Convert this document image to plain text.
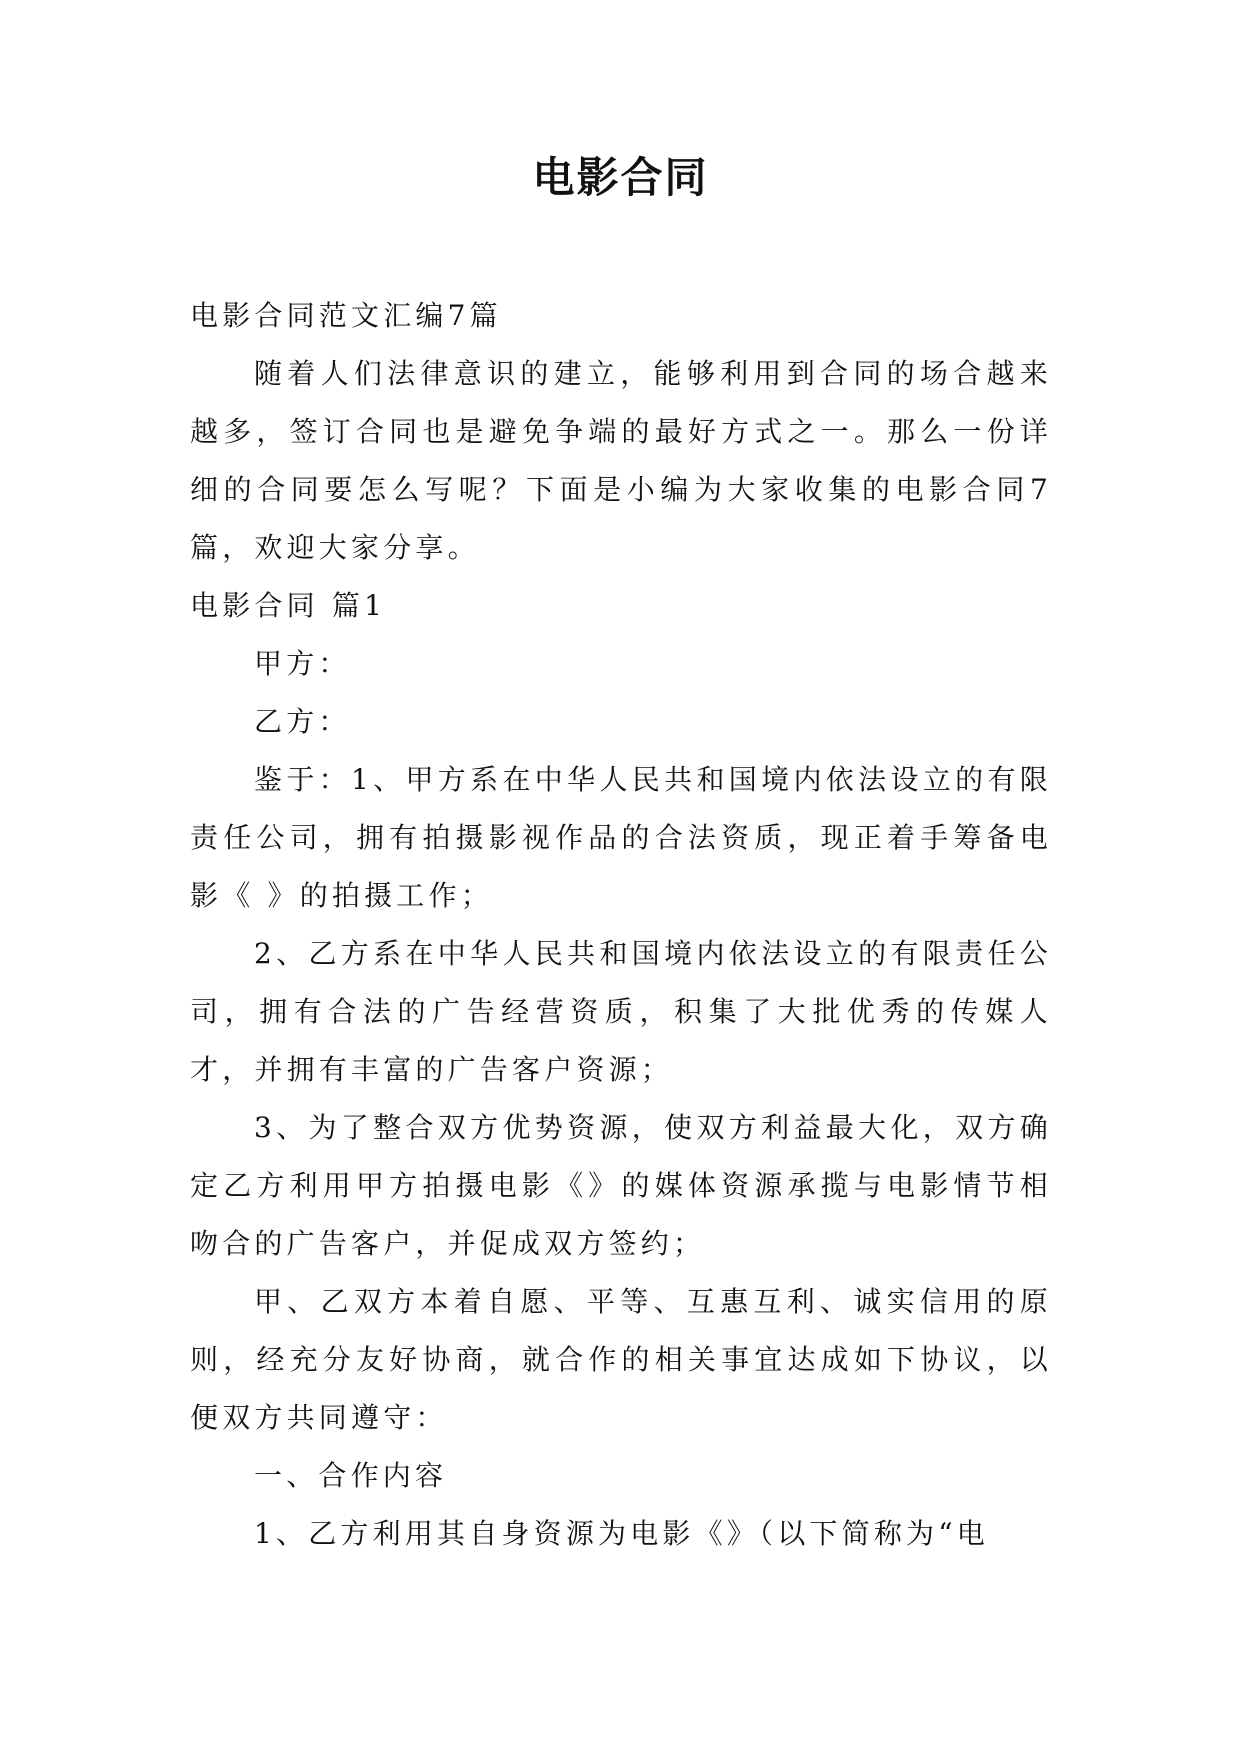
电影合同

电影合同范文汇编7篇

随着人们法律意识的建立，能够利用到合同的场合越来越多，签订合同也是避免争端的最好方式之一。那么一份详细的合同要怎么写呢？下面是小编为大家收集的电影合同7篇，欢迎大家分享。

电影合同 篇1

甲方：

乙方：

鉴于：1、甲方系在中华人民共和国境内依法设立的有限责任公司，拥有拍摄影视作品的合法资质，现正着手筹备电影《 》的拍摄工作；

2、乙方系在中华人民共和国境内依法设立的有限责任公司，拥有合法的广告经营资质，积集了大批优秀的传媒人才，并拥有丰富的广告客户资源；

3、为了整合双方优势资源，使双方利益最大化，双方确定乙方利用甲方拍摄电影《》的媒体资源承揽与电影情节相吻合的广告客户，并促成双方签约；

甲、乙双方本着自愿、平等、互惠互利、诚实信用的原则，经充分友好协商，就合作的相关事宜达成如下协议，以便双方共同遵守：

一、合作内容

1、乙方利用其自身资源为电影《》（以下简称为“电
